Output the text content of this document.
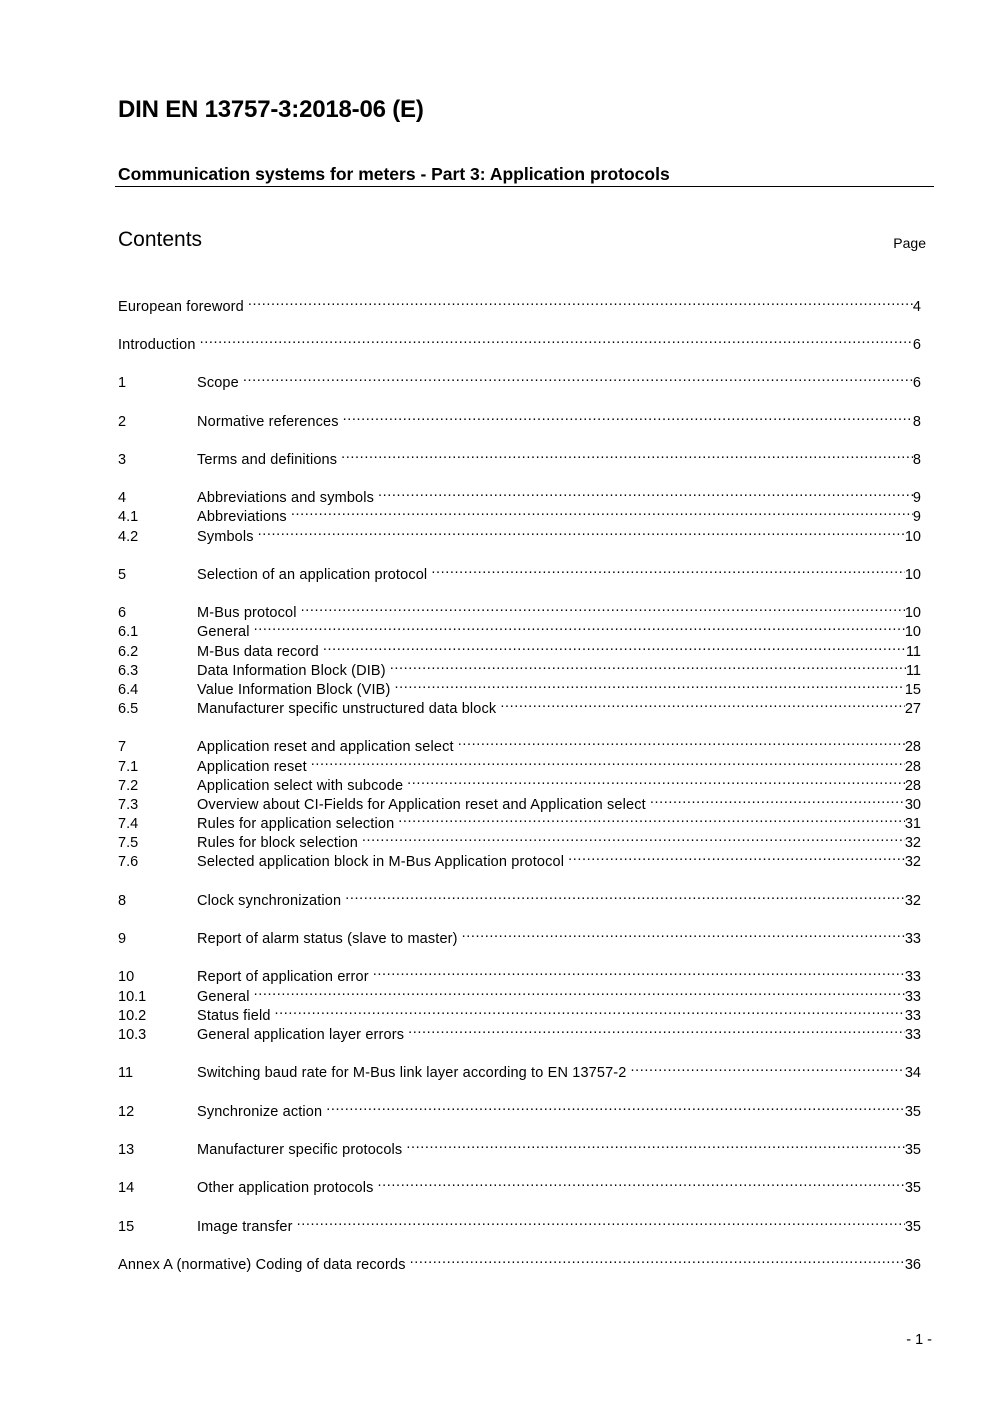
DIN EN 13757-3:2018-06 (E)
Communication systems for meters - Part 3: Application protocols
Contents	Page
European foreword .....	4
Introduction .....	6
1	Scope .....	6
2	Normative references .....	8
3	Terms and definitions .....	8
4	Abbreviations and symbols .....	9
4.1	Abbreviations .....	9
4.2	Symbols .....	10
5	Selection of an application protocol .....	10
6	M-Bus protocol .....	10
6.1	General .....	10
6.2	M-Bus data record .....	11
6.3	Data Information Block (DIB) .....	11
6.4	Value Information Block (VIB) .....	15
6.5	Manufacturer specific unstructured data block .....	27
7	Application reset and application select .....	28
7.1	Application reset .....	28
7.2	Application select with subcode .....	28
7.3	Overview about CI-Fields for Application reset and Application select .....	30
7.4	Rules for application selection .....	31
7.5	Rules for block selection .....	32
7.6	Selected application block in M-Bus Application protocol .....	32
8	Clock synchronization .....	32
9	Report of alarm status (slave to master) .....	33
10	Report of application error .....	33
10.1	General .....	33
10.2	Status field .....	33
10.3	General application layer errors .....	33
11	Switching baud rate for M-Bus link layer according to EN 13757-2 .....	34
12	Synchronize action .....	35
13	Manufacturer specific protocols .....	35
14	Other application protocols .....	35
15	Image transfer .....	35
Annex A (normative) Coding of data records .....	36
- 1 -
